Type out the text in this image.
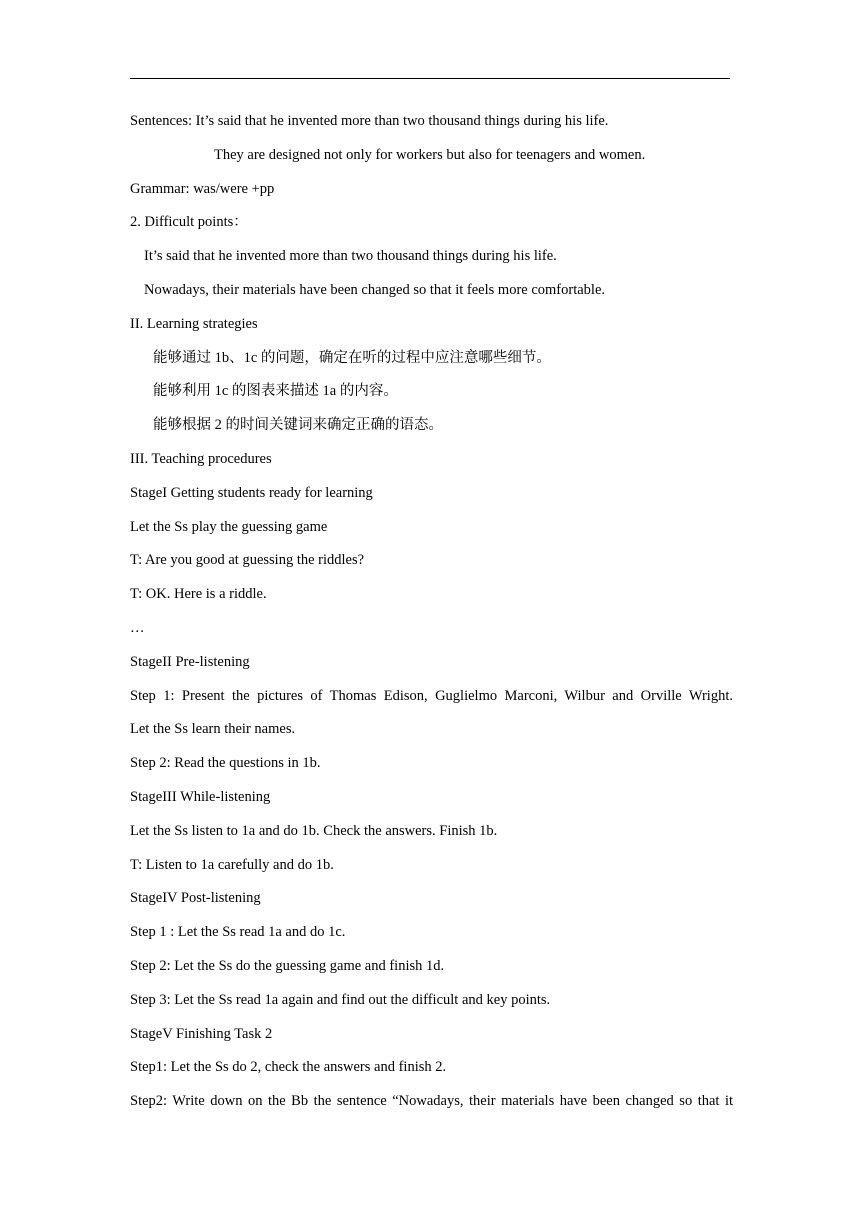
Sentences: It’s said that he invented more than two thousand things during his life.
They are designed not only for workers but also for teenagers and women.
Grammar: was/were +pp
2. Difficult points：
It’s said that he invented more than two thousand things during his life.
Nowadays, their materials have been changed so that it feels more comfortable.
II. Learning strategies
能够通过 1b、1c 的问题，确定在听的过程中应注意哪些细节。
能够利用 1c 的图表来描述 1a 的内容。
能够根据 2 的时间关键词来确定正确的语态。
III. Teaching procedures
StageI Getting students ready for learning
Let the Ss play the guessing game
T: Are you good at guessing the riddles?
T: OK. Here is a riddle.
…
StageII Pre-listening
Step 1: Present the pictures of Thomas Edison, Guglielmo Marconi, Wilbur and Orville Wright.
Let the Ss learn their names.
Step 2: Read the questions in 1b.
StageIII While-listening
Let the Ss listen to 1a and do 1b. Check the answers. Finish 1b.
T: Listen to 1a carefully and do 1b.
StageIV Post-listening
Step 1 : Let the Ss read 1a and do 1c.
Step 2: Let the Ss do the guessing game and finish 1d.
Step 3: Let the Ss read 1a again and find out the difficult and key points.
StageV Finishing Task 2
Step1: Let the Ss do 2, check the answers and finish 2.
Step2: Write down on the Bb the sentence “Nowadays, their materials have been changed so that it
